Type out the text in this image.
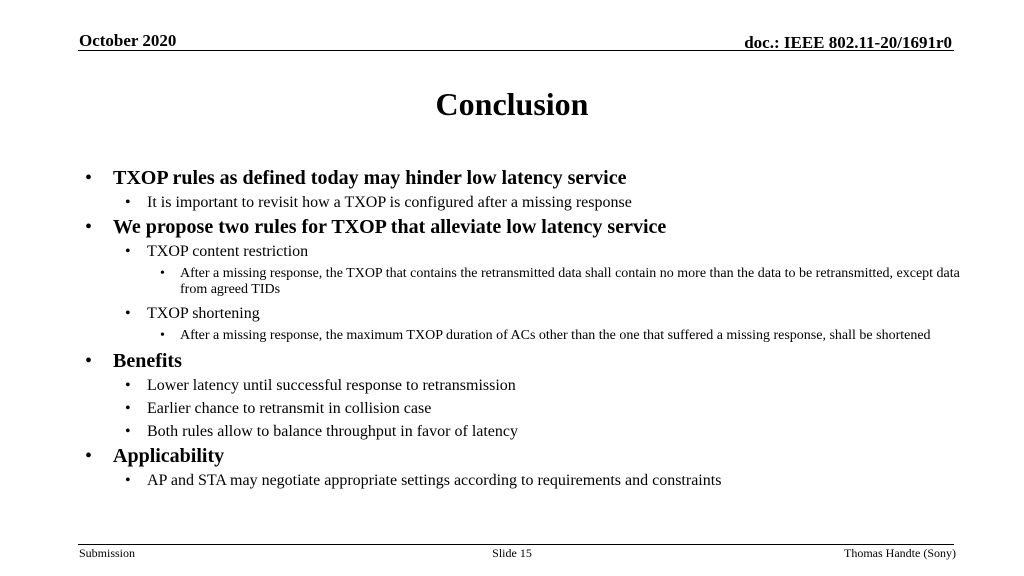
October 2020	doc.: IEEE 802.11-20/1691r0
Conclusion
• TXOP rules as defined today may hinder low latency service
• It is important to revisit how a TXOP is configured after a missing response
• We propose two rules for TXOP that alleviate low latency service
• TXOP content restriction
• After a missing response, the TXOP that contains the retransmitted data shall contain no more than the data to be retransmitted, except data from agreed TIDs
• TXOP shortening
• After a missing response, the maximum TXOP duration of ACs other than the one that suffered a missing response, shall be shortened
• Benefits
• Lower latency until successful response to retransmission
• Earlier chance to retransmit in collision case
• Both rules allow to balance throughput in favor of latency
• Applicability
• AP and STA may negotiate appropriate settings according to requirements and constraints
Submission	Slide 15	Thomas Handte (Sony)
